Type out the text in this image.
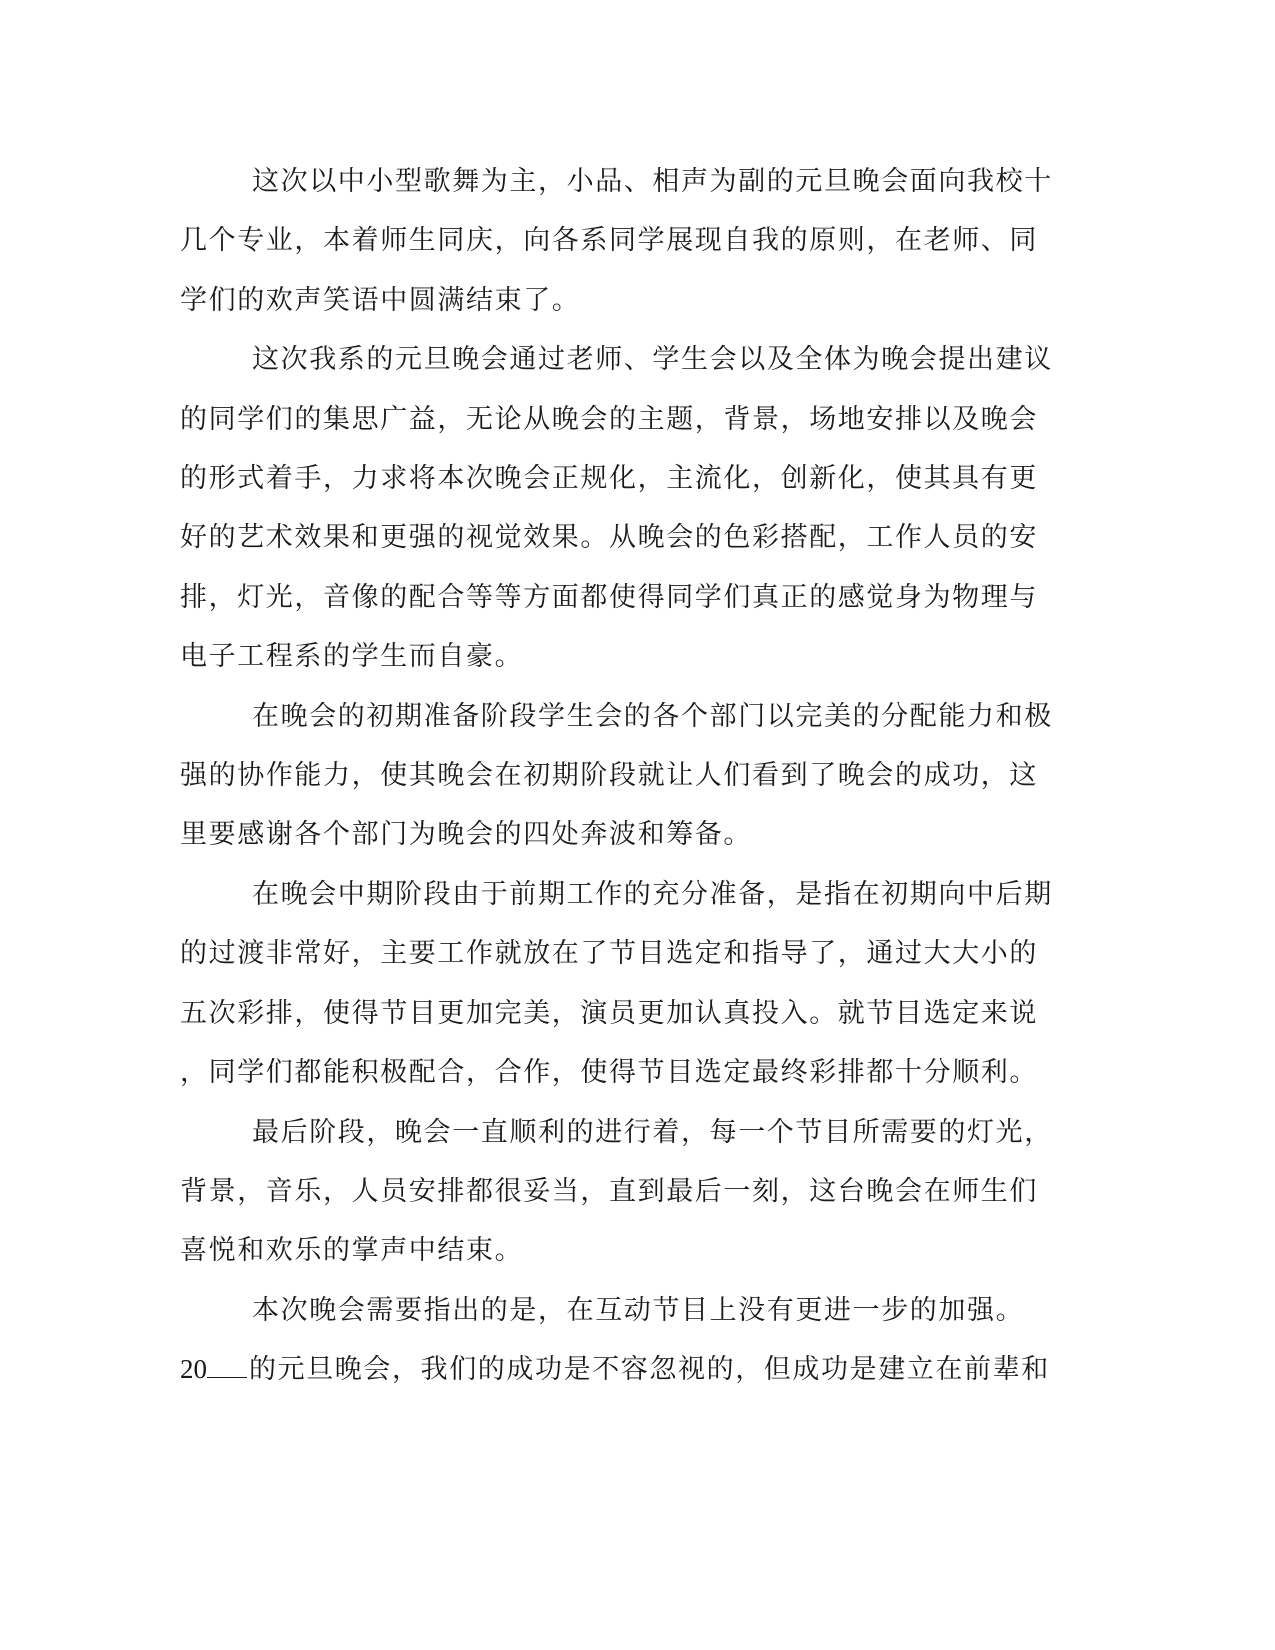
这次以中小型歌舞为主，小品、相声为副的元旦晚会面向我校十
几个专业，本着师生同庆，向各系同学展现自我的原则，在老师、同
学们的欢声笑语中圆满结束了。

这次我系的元旦晚会通过老师、学生会以及全体为晚会提出建议
的同学们的集思广益，无论从晚会的主题，背景，场地安排以及晚会
的形式着手，力求将本次晚会正规化，主流化，创新化，使其具有更
好的艺术效果和更强的视觉效果。从晚会的色彩搭配，工作人员的安
排，灯光，音像的配合等等方面都使得同学们真正的感觉身为物理与
电子工程系的学生而自豪。

在晚会的初期准备阶段学生会的各个部门以完美的分配能力和极
强的协作能力，使其晚会在初期阶段就让人们看到了晚会的成功，这
里要感谢各个部门为晚会的四处奔波和筹备。

在晚会中期阶段由于前期工作的充分准备，是指在初期向中后期
的过渡非常好，主要工作就放在了节目选定和指导了，通过大大小的
五次彩排，使得节目更加完美，演员更加认真投入。就节目选定来说
，同学们都能积极配合，合作，使得节目选定最终彩排都十分顺利。

最后阶段，晚会一直顺利的进行着，每一个节目所需要的灯光，
背景，音乐，人员安排都很妥当，直到最后一刻，这台晚会在师生们
喜悦和欢乐的掌声中结束。

本次晚会需要指出的是，在互动节目上没有更进一步的加强。
20 的元旦晚会，我们的成功是不容忽视的，但成功是建立在前辈和
